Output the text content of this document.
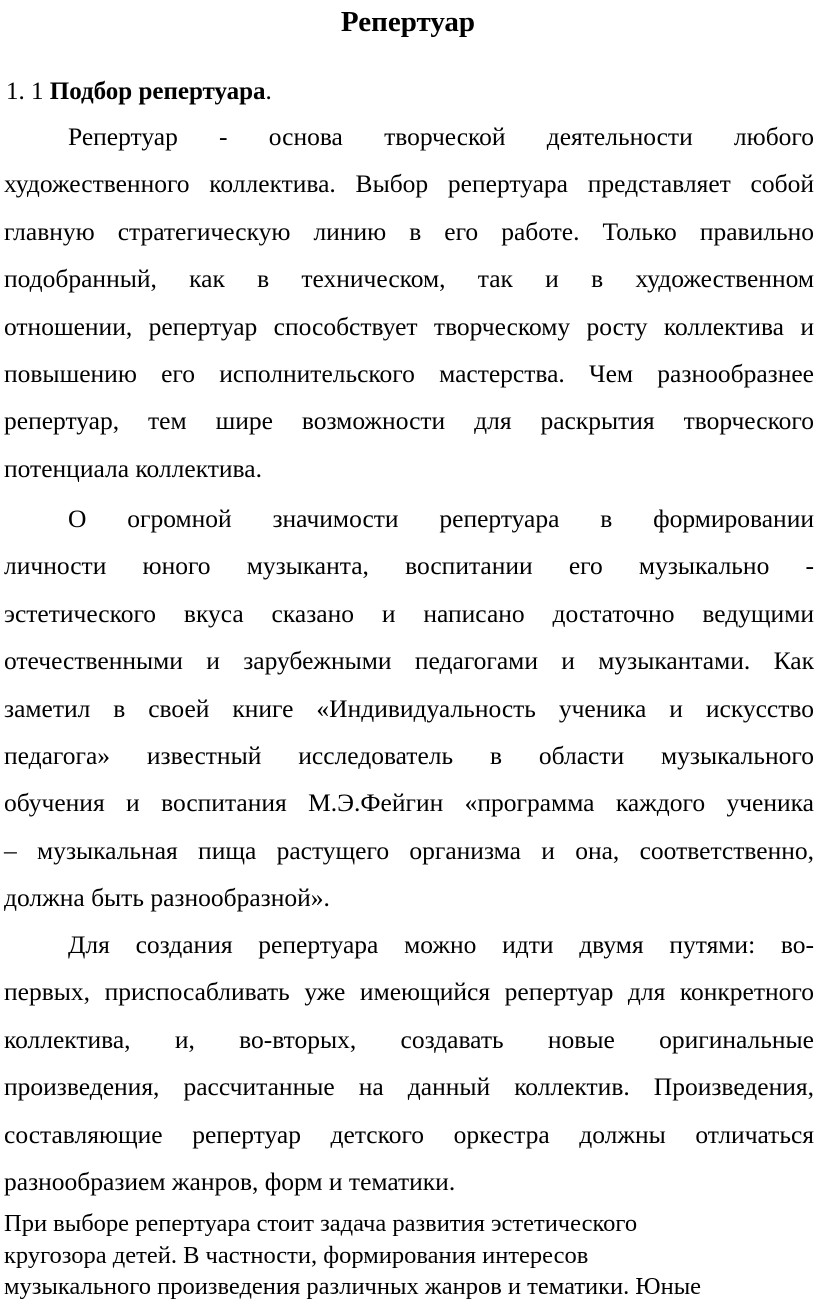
Репертуар
1. 1 Подбор репертуара.
Репертуар - основа творческой деятельности любого
художественного коллектива. Выбор репертуара представляет собой
главную стратегическую линию в его работе. Только правильно
подобранный, как в техническом, так и в художественном
отношении, репертуар способствует творческому росту коллектива и
повышению его исполнительского мастерства. Чем разнообразнее
репертуар, тем шире возможности для раскрытия творческого
потенциала коллектива.
О огромной значимости репертуара в формировании
личности юного музыканта, воспитании его музыкально -
эстетического вкуса сказано и написано достаточно ведущими
отечественными и зарубежными педагогами и музыкантами. Как
заметил в своей книге «Индивидуальность ученика и искусство
педагога» известный исследователь в области музыкального
обучения и воспитания М.Э.Фейгин «программа каждого ученика
– музыкальная пища растущего организма и она, соответственно,
должна быть разнообразной».
Для создания репертуара можно идти двумя путями: во-
первых, приспосабливать уже имеющийся репертуар для конкретного
коллектива, и, во-вторых, создавать новые оригинальные
произведения, рассчитанные на данный коллектив. Произведения,
составляющие репертуар детского оркестра должны отличаться
разнообразием жанров, форм и тематики.
При выборе репертуара стоит задача развития эстетического
кругозора детей. В частности, формирования интересов
музыкального произведения различных жанров и тематики. Юные
